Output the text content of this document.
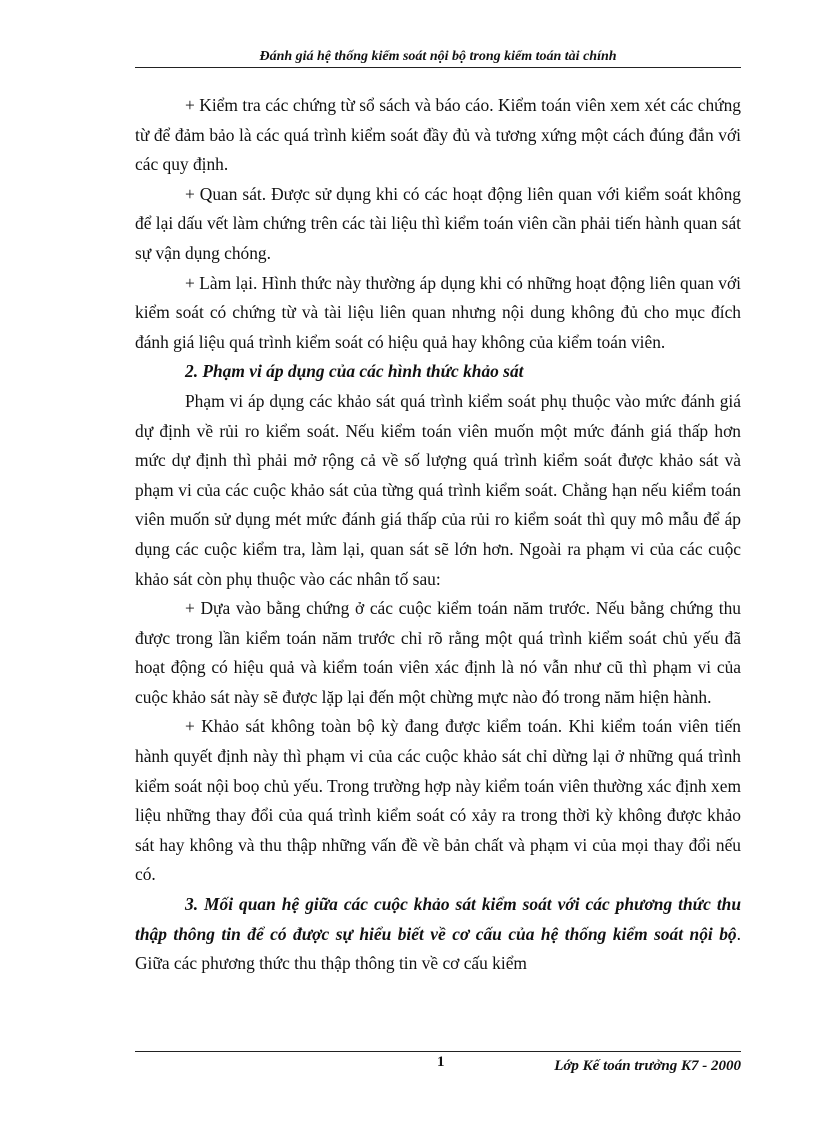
Đánh giá hệ thống kiểm soát nội bộ trong kiểm toán tài chính

+ Kiểm tra các chứng từ sổ sách và báo cáo. Kiểm toán viên xem xét các chứng từ để đảm bảo là các quá trình kiểm soát đầy đủ và tương xứng một cách đúng đắn với các quy định.

+ Quan sát. Được sử dụng khi có các hoạt động liên quan với kiểm soát không để lại dấu vết làm chứng trên các tài liệu thì kiểm toán viên cần phải tiến hành quan sát sự vận dụng chóng.

+ Làm lại. Hình thức này thường áp dụng khi có những hoạt động liên quan với kiểm soát có chứng từ và tài liệu liên quan nhưng nội dung không đủ cho mục đích đánh giá liệu quá trình kiểm soát có hiệu quả hay không của kiểm toán viên.

2. Phạm vi áp dụng của các hình thức khảo sát

Phạm vi áp dụng các khảo sát quá trình kiểm soát phụ thuộc vào mức đánh giá dự định về rủi ro kiểm soát. Nếu kiểm toán viên muốn một mức đánh giá thấp hơn mức dự định thì phải mở rộng cả về số lượng quá trình kiểm soát được khảo sát và phạm vi của các cuộc khảo sát của từng quá trình kiểm soát. Chẳng hạn nếu kiểm toán viên muốn sử dụng mét mức đánh giá thấp của rủi ro kiểm soát thì quy mô mẫu để áp dụng các cuộc kiểm tra, làm lại, quan sát sẽ lớn hơn. Ngoài ra phạm vi của các cuộc khảo sát còn phụ thuộc vào các nhân tố sau:

+ Dựa vào bằng chứng ở các cuộc kiểm toán năm trước. Nếu bằng chứng thu được trong lần kiểm toán năm trước chỉ rõ rằng một quá trình kiểm soát chủ yếu đã hoạt động có hiệu quả và kiểm toán viên xác định là nó vẫn như cũ thì phạm vi của cuộc khảo sát này sẽ được lặp lại đến một chừng mực nào đó trong năm hiện hành.

+ Khảo sát không toàn bộ kỳ đang được kiểm toán. Khi kiểm toán viên tiến hành quyết định này thì phạm vi của các cuộc khảo sát chỉ dừng lại ở những quá trình kiểm soát nội boọ chủ yếu. Trong trường hợp này kiểm toán viên thường xác định xem liệu những thay đổi của quá trình kiểm soát có xảy ra trong thời kỳ không được khảo sát hay không và thu thập những vấn đề về bản chất và phạm vi của mọi thay đổi nếu có.

3. Mối quan hệ giữa các cuộc khảo sát kiểm soát với các phương thức thu thập thông tin để có được sự hiểu biết về cơ cấu của hệ thống kiểm soát nội bộ. Giữa các phương thức thu thập thông tin về cơ cấu kiểm

1	Lớp Kế toán trưởng K7 - 2000
